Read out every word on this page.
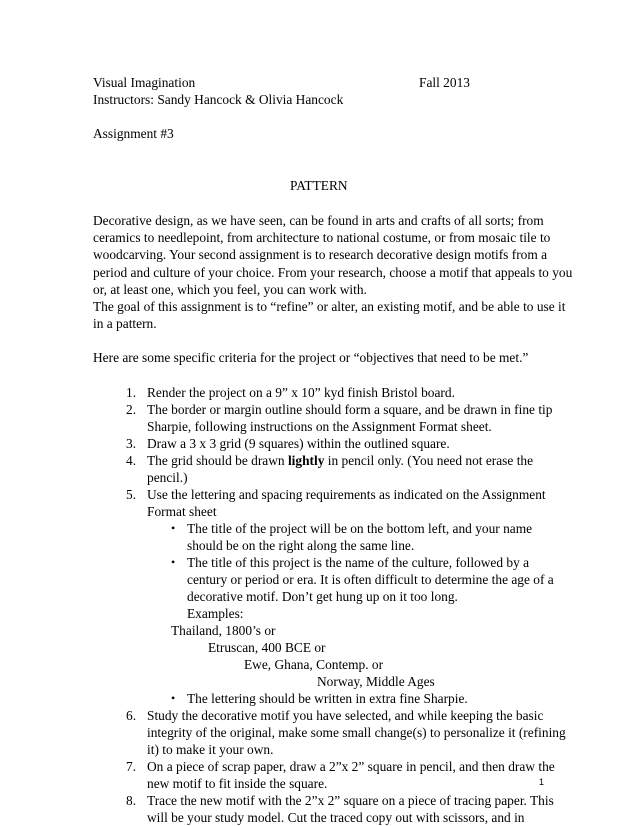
Visual Imagination	Fall 2013
Instructors: Sandy Hancock & Olivia Hancock
Assignment #3
PATTERN
Decorative design, as we have seen, can be found in arts and crafts of all sorts; from
ceramics to needlepoint, from architecture to national costume, or from mosaic tile to
woodcarving. Your second assignment is to research decorative design motifs from a
period and culture of your choice. From your research, choose a motif that appeals to you
or, at least one, which you feel, you can work with.
The goal of this assignment is to “refine” or alter, an existing motif, and be able to use it
in a pattern.
Here are some specific criteria for the project or “objectives that need to be met.”
1. Render the project on a 9” x 10” kyd finish Bristol board.
2. The border or margin outline should form a square, and be drawn in fine tip
Sharpie, following instructions on the Assignment Format sheet.
3. Draw a 3 x 3 grid (9 squares) within the outlined square.
4. The grid should be drawn lightly in pencil only. (You need not erase the
pencil.)
5. Use the lettering and spacing requirements as indicated on the Assignment
Format sheet
• The title of the project will be on the bottom left, and your name
should be on the right along the same line.
• The title of this project is the name of the culture, followed by a
century or period or era. It is often difficult to determine the age of a
decorative motif. Don’t get hung up on it too long.
Examples:
Thailand, 1800’s or
Etruscan, 400 BCE or
Ewe, Ghana, Contemp. or
Norway, Middle Ages
• The lettering should be written in extra fine Sharpie.
6. Study the decorative motif you have selected, and while keeping the basic
integrity of the original, make some small change(s) to personalize it (refining
it) to make it your own.
7. On a piece of scrap paper, draw a 2”x 2” square in pencil, and then draw the
new motif to fit inside the square.
8. Trace the new motif with the 2”x 2” square on a piece of tracing paper. This
will be your study model. Cut the traced copy out with scissors, and in
1
